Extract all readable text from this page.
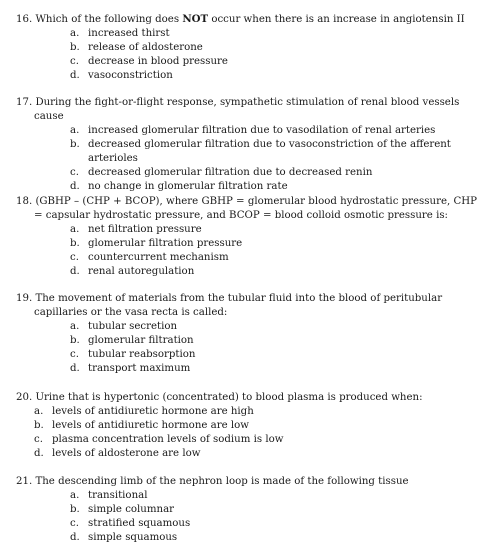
16. Which of the following does NOT occur when there is an increase in angiotensin II

a. increased thirst
b. release of aldosterone
c. decrease in blood pressure
d. vasoconstriction

17. During the fight-or-flight response, sympathetic stimulation of renal blood vessels cause

a. increased glomerular filtration due to vasodilation of renal arteries
b. decreased glomerular filtration due to vasoconstriction of the afferent arterioles
c. decreased glomerular filtration due to decreased renin
d. no change in glomerular filtration rate

18. (GBHP – (CHP + BCOP), where GBHP = glomerular blood hydrostatic pressure, CHP = capsular hydrostatic pressure, and BCOP = blood colloid osmotic pressure is:

a. net filtration pressure
b. glomerular filtration pressure
c. countercurrent mechanism
d. renal autoregulation

19. The movement of materials from the tubular fluid into the blood of peritubular capillaries or the vasa recta is called:

a. tubular secretion
b. glomerular filtration
c. tubular reabsorption
d. transport maximum

20. Urine that is hypertonic (concentrated) to blood plasma is produced when:

a. levels of antidiuretic hormone are high
b. levels of antidiuretic hormone are low
c. plasma concentration levels of sodium is low
d. levels of aldosterone are low

21. The descending limb of the nephron loop is made of the following tissue

a. transitional
b. simple columnar
c. stratified squamous
d. simple squamous
